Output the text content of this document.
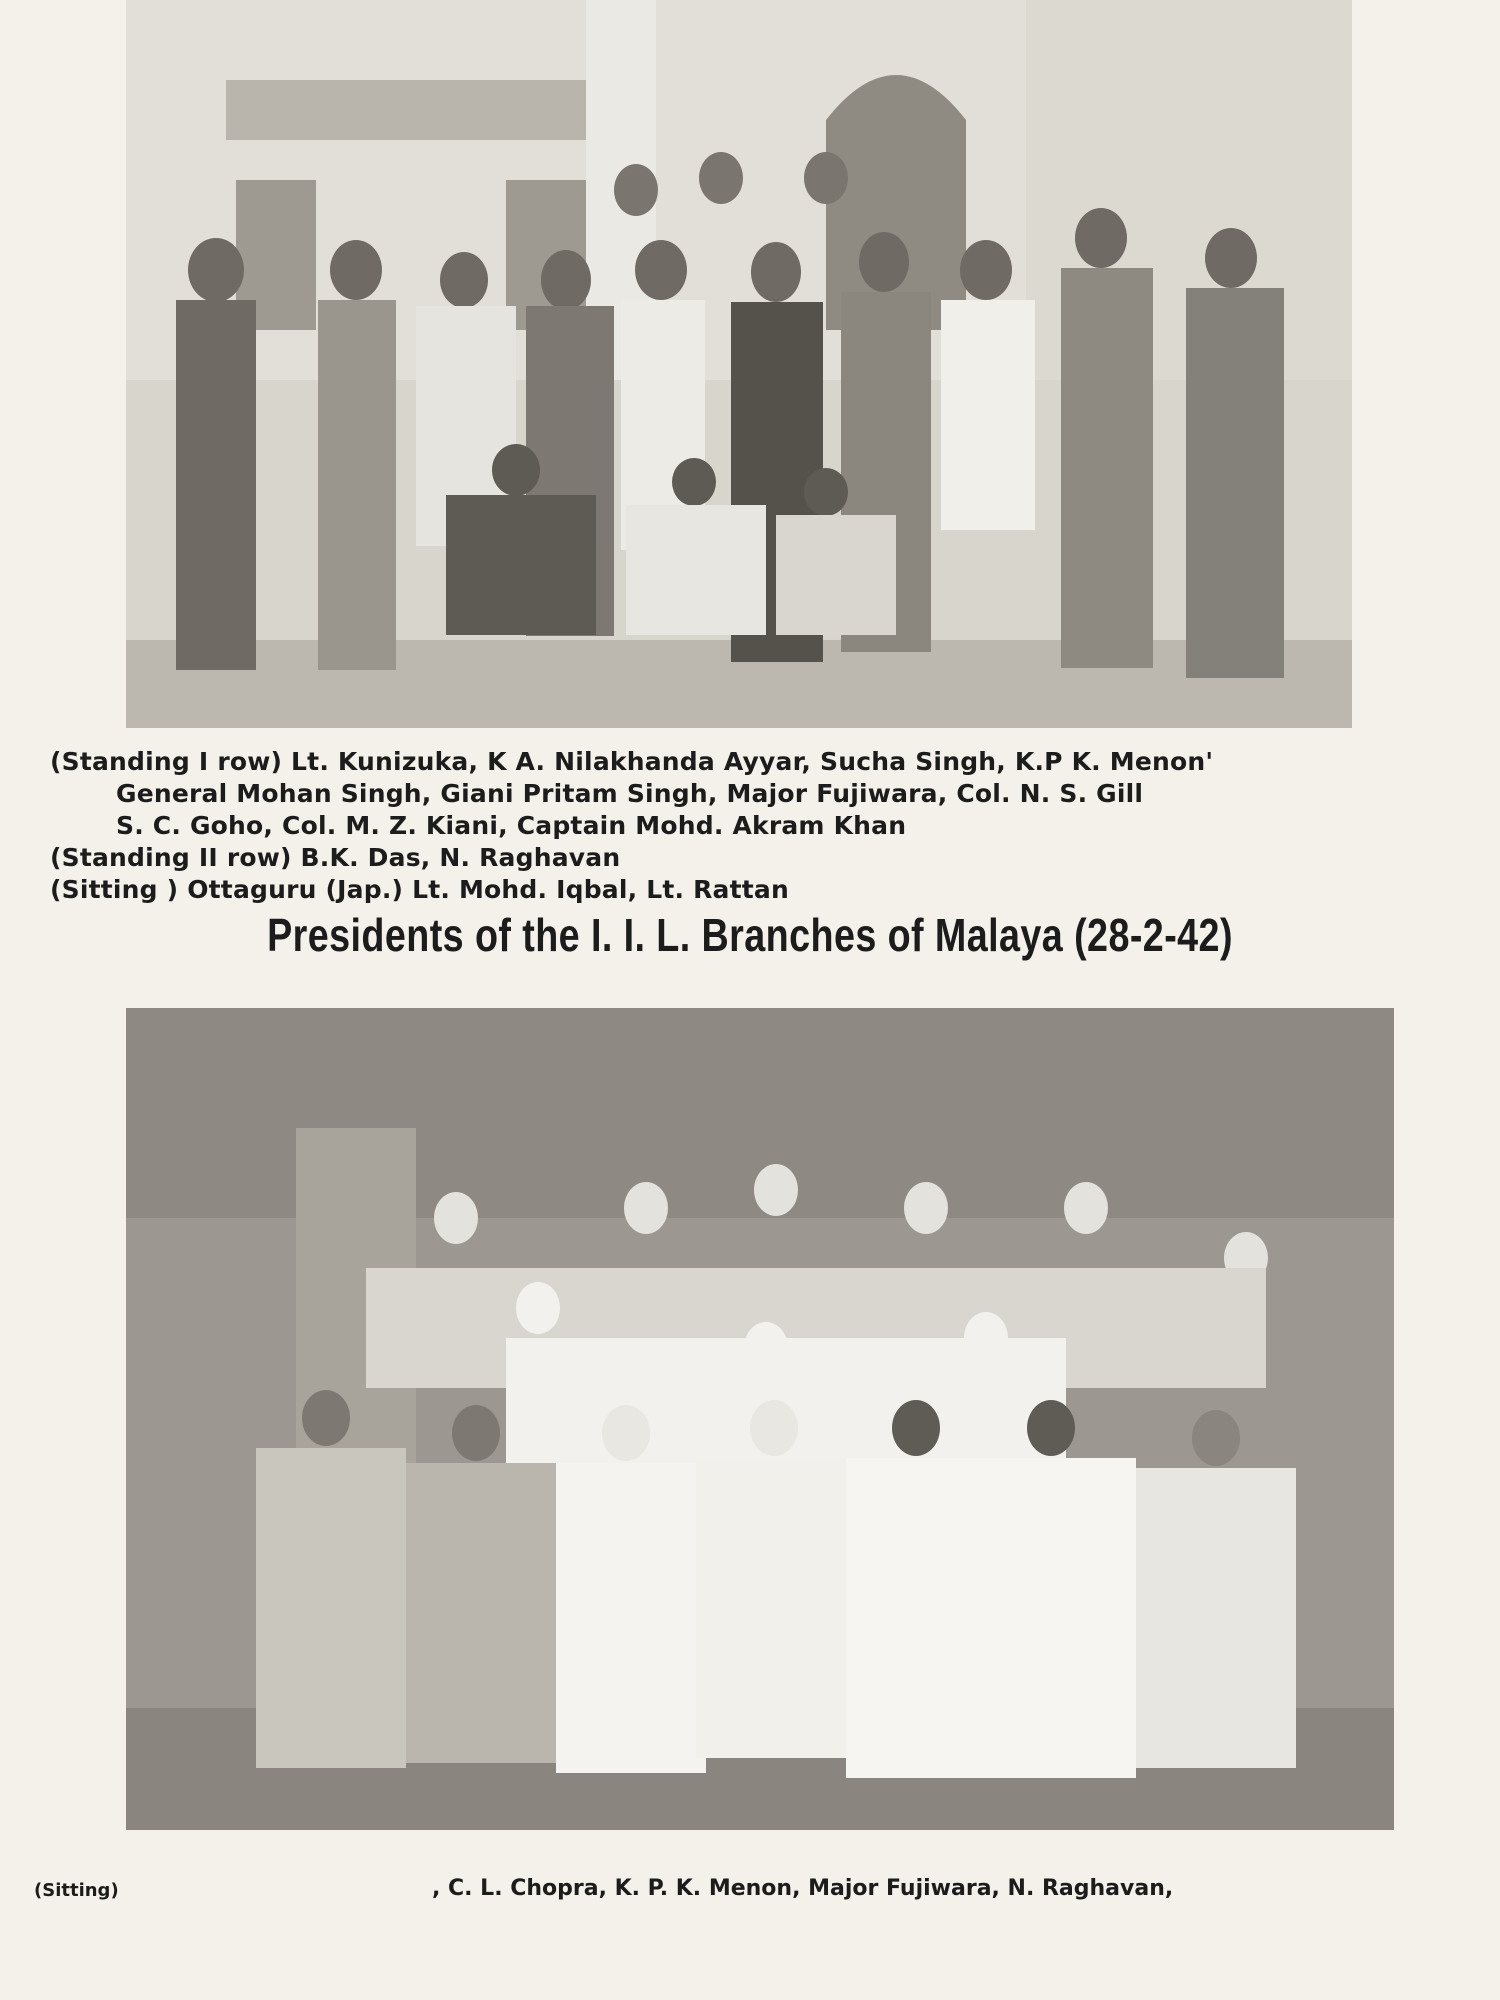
(Standing I row) Lt. Kunizuka, K A. Nilakhanda Ayyar, Sucha Singh, K.P K. Menon'
General Mohan Singh, Giani Pritam Singh, Major Fujiwara, Col. N. S. Gill
S. C. Goho, Col. M. Z. Kiani, Captain Mohd. Akram Khan
(Standing II row) B.K. Das, N. Raghavan
(Sitting ) Ottaguru (Jap.) Lt. Mohd. Iqbal, Lt. Rattan
Presidents of the I. I. L. Branches of Malaya (28-2-42)
(Sitting)	, C. L. Chopra, K. P. K. Menon, Major Fujiwara, N. Raghavan,
